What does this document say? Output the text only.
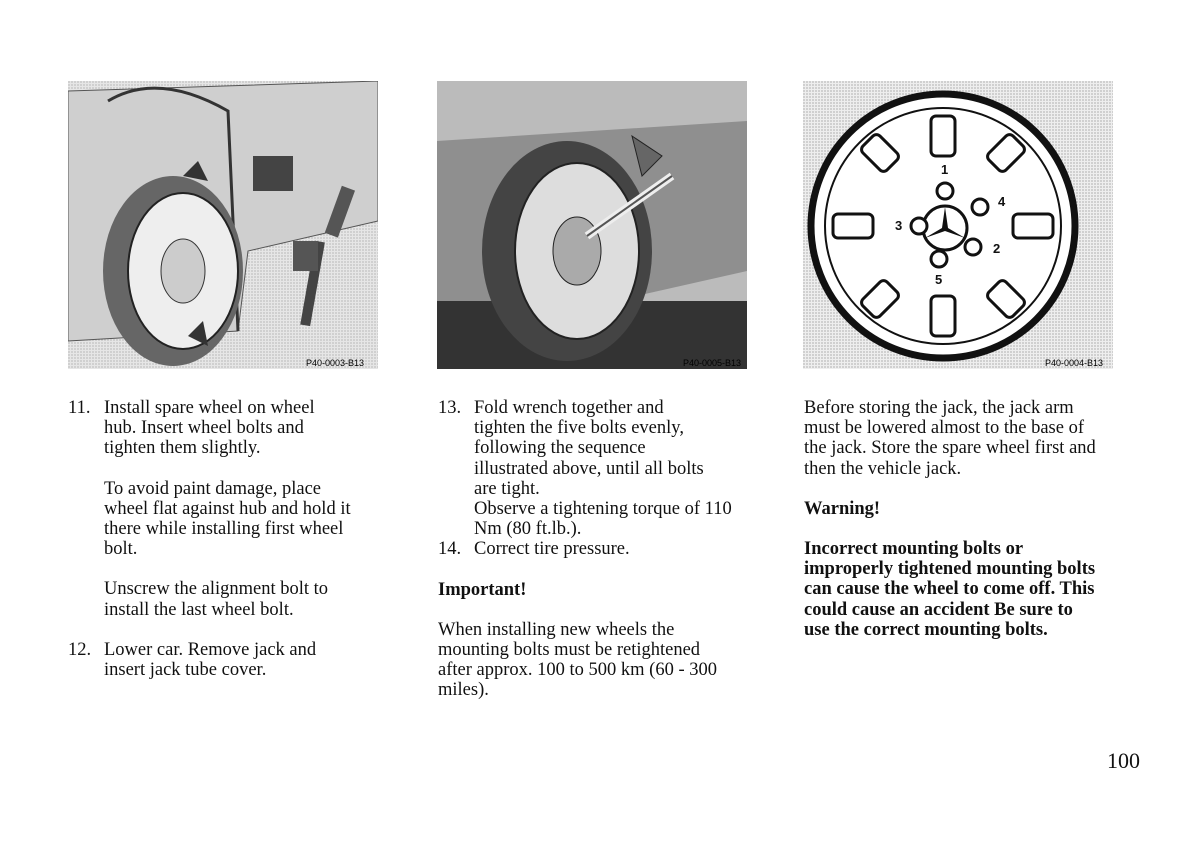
P40-0003-B13	P40-0005-B13
1
2
3
4
5
P40-0004-B13
11. Install spare wheel on wheel

hub. Insert wheel bolts and

tighten them slightly.

To avoid paint damage, place

wheel flat against hub and hold it

there while installing first wheel

bolt.

Unscrew the alignment bolt to

install the last wheel bolt.

12. Lower car. Remove jack and

insert jack tube cover.

13. Fold wrench together and

tighten the five bolts evenly,

following the sequence

illustrated above, until all bolts

are tight.

Observe a tightening torque of 110

Nm (80 ft.lb.).

14. Correct tire pressure.

Important!

When installing new wheels the

mounting bolts must be retightened

after approx. 100 to 500 km (60 - 300

miles).

Before storing the jack, the jack arm

must be lowered almost to the base of

the jack. Store the spare wheel first and

then the vehicle jack.

Warning!

Incorrect mounting bolts or

improperly tightened mounting bolts

can cause the wheel to come off. This

could cause an accident Be sure to

use the correct mounting bolts.

100
